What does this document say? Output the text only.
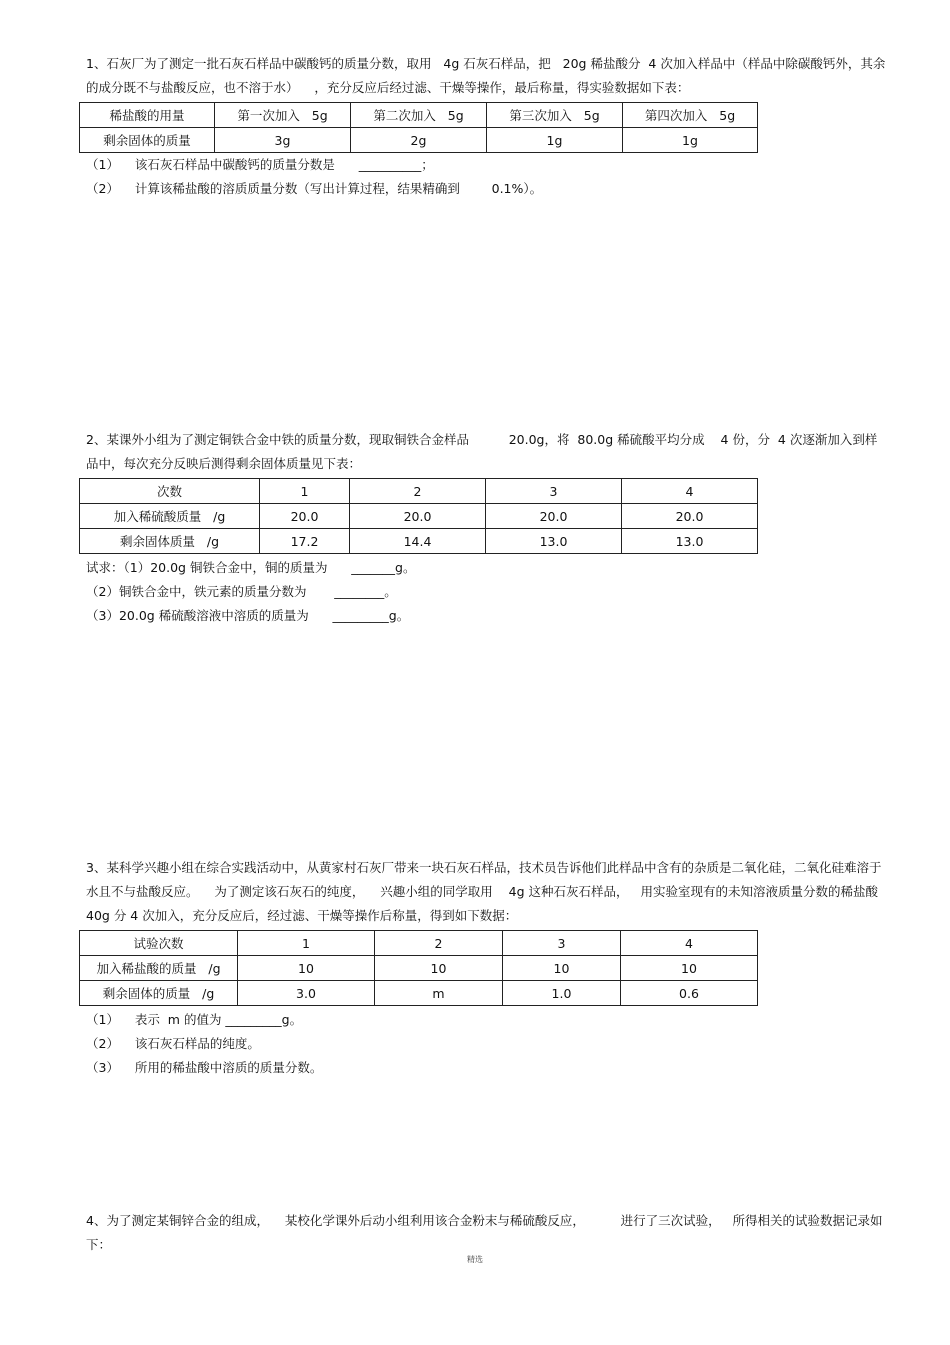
1、石灰厂为了测定一批石灰石样品中碳酸钙的质量分数，取用   4g 石灰石样品，把   20g 稀盐酸分  4 次加入样品中（样品中除碳酸钙外，其余的成分既不与盐酸反应，也不溶于水）    ，充分反应后经过滤、干燥等操作，最后称量，得实验数据如下表：
稀盐酸的用量	第一次加入   5g	第二次加入   5g	第三次加入   5g	第四次加入   5g
剩余固体的质量	3g	2g	1g	1g
（1）    该石灰石样品中碳酸钙的质量分数是      __________；
（2）    计算该稀盐酸的溶质质量分数（写出计算过程，结果精确到        0.1%）。
2、某课外小组为了测定铜铁合金中铁的质量分数，现取铜铁合金样品          20.0g，将  80.0g 稀硫酸平均分成    4 份，分  4 次逐渐加入到样品中，每次充分反映后测得剩余固体质量见下表：
次数	1	2	3	4
加入稀硫酸质量   /g	20.0	20.0	20.0	20.0
剩余固体质量   /g	17.2	14.4	13.0	13.0
试求：（1）20.0g 铜铁合金中，铜的质量为      _______g。
（2）铜铁合金中，铁元素的质量分数为       ________。
（3）20.0g 稀硫酸溶液中溶质的质量为      _________g。
3、某科学兴趣小组在综合实践活动中，从黄家村石灰厂带来一块石灰石样品，技术员告诉他们此样品中含有的杂质是二氧化硅，二氧化硅难溶于水且不与盐酸反应。    为了测定该石灰石的纯度，    兴趣小组的同学取用    4g 这种石灰石样品，   用实验室现有的未知溶液质量分数的稀盐酸    40g 分 4 次加入，充分反应后，经过滤、干燥等操作后称量，得到如下数据：
试验次数	1	2	3	4
加入稀盐酸的质量   /g	10	10	10	10
剩余固体的质量   /g	3.0	m	1.0	0.6
（1）    表示  m 的值为 _________g。
（2）    该石灰石样品的纯度。
（3）    所用的稀盐酸中溶质的质量分数。
4、为了测定某铜锌合金的组成，    某校化学课外后动小组利用该合金粉末与稀硫酸反应，         进行了三次试验，   所得相关的试验数据记录如下：
精选
